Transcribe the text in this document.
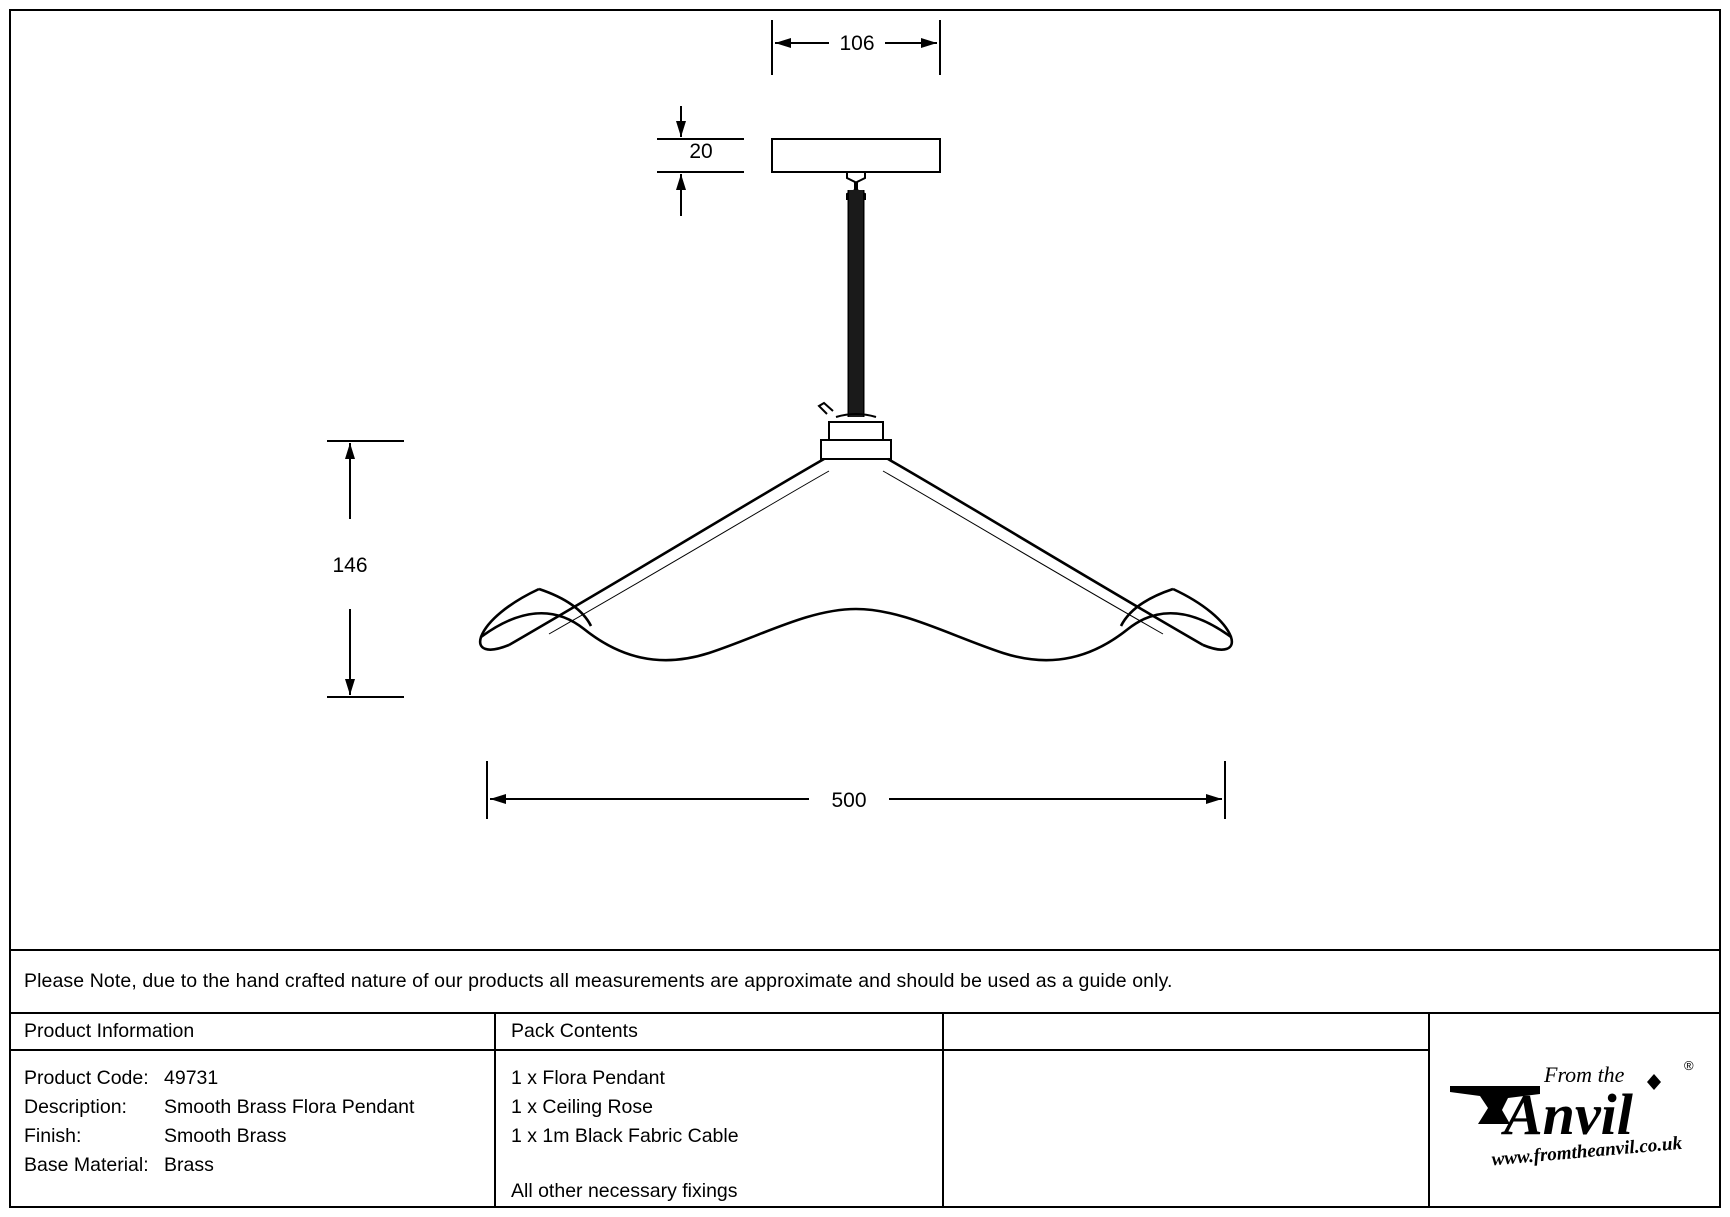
106
20
146
500
Please Note, due to the hand crafted nature of our products all measurements are approximate and should be used as a guide only.
Product Information
Product Code: 49731
Description:	Smooth Brass Flora Pendant
Finish:	Smooth Brass
Base Material: Brass
Pack Contents
1 x Flora Pendant
1 x Ceiling Rose
1 x 1m Black Fabric Cable
All other necessary fixings
From the	®
Anvil
www.fromtheanvil.co.uk
